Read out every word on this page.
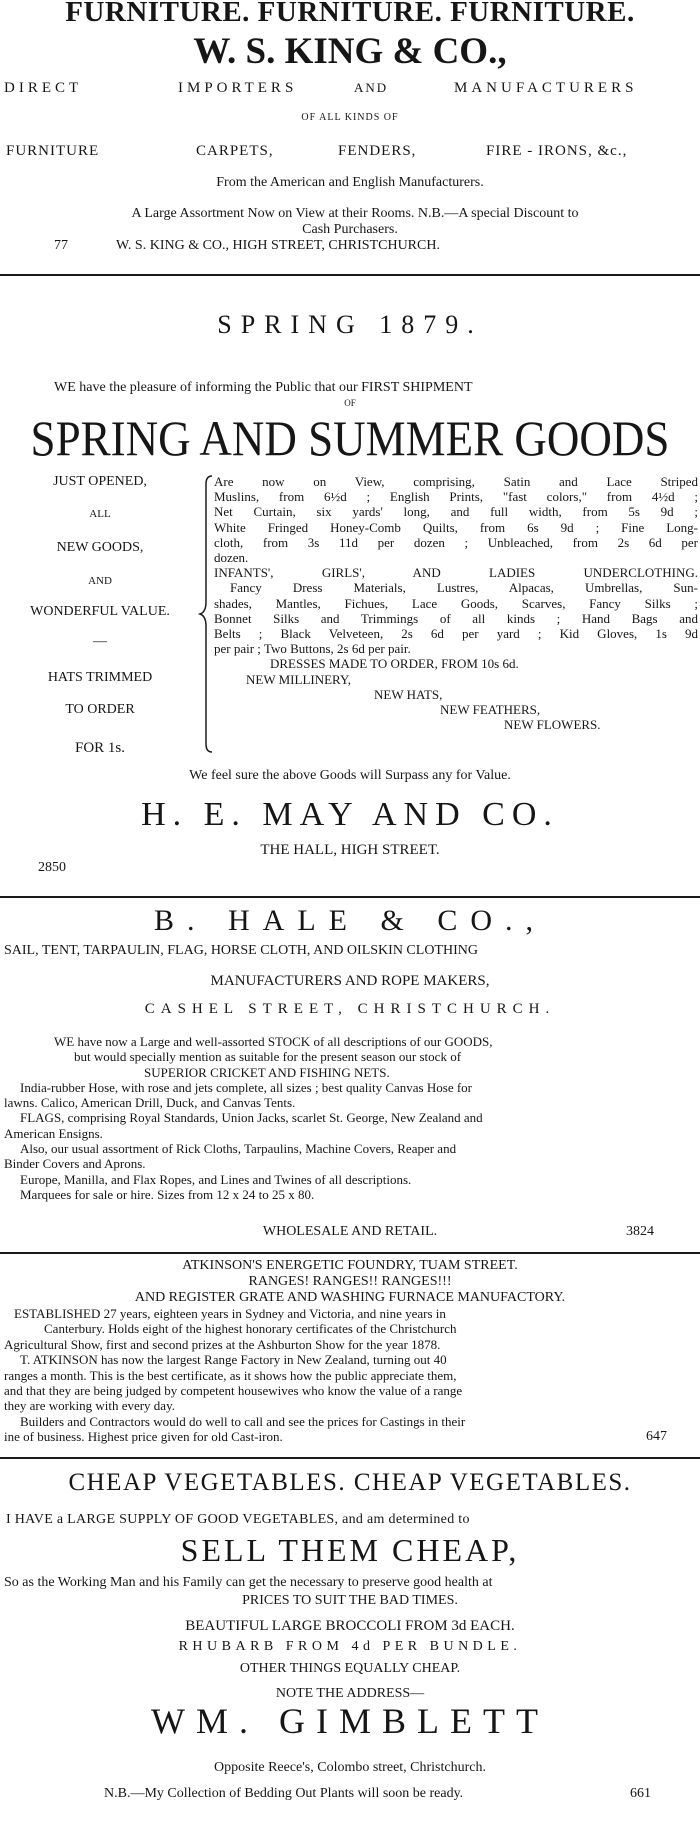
FURNITURE. FURNITURE. FURNITURE.
W. S. KING & CO.,
DIRECT	IMPORTERS	AND	MANUFACTURERS
OF ALL KINDS OF
FURNITURE	CARPETS,	FENDERS,	FIRE - IRONS, &c.,
From the American and English Manufacturers.
A Large Assortment Now on View at their Rooms. N.B.—A special Discount to
Cash Purchasers.
77	W. S. KING & CO., HIGH STREET, CHRISTCHURCH.
SPRING 1879.
WE have the pleasure of informing the Public that our FIRST SHIPMENT
OF
SPRING AND SUMMER GOODS
JUST OPENED,
ALL
NEW GOODS,
AND
WONDERFUL VALUE.
—
HATS TRIMMED
TO ORDER
FOR 1s.
Are now on View, comprising, Satin and Lace Striped
Muslins, from 6½d ; English Prints, "fast colors," from 4½d ;
Net Curtain, six yards' long, and full width, from 5s 9d ;
White Fringed Honey-Comb Quilts, from 6s 9d ; Fine Long-
cloth, from 3s 11d per dozen ; Unbleached, from 2s 6d per
dozen.
INFANTS', GIRLS', AND LADIES UNDERCLOTHING.
Fancy Dress Materials, Lustres, Alpacas, Umbrellas, Sun-
shades, Mantles, Fichues, Lace Goods, Scarves, Fancy Silks ;
Bonnet Silks and Trimmings of all kinds ; Hand Bags and
Belts ; Black Velveteen, 2s 6d per yard ; Kid Gloves, 1s 9d
per pair ; Two Buttons, 2s 6d per pair.
DRESSES MADE TO ORDER, FROM 10s 6d.
NEW MILLINERY,
NEW HATS,
NEW FEATHERS,
NEW FLOWERS.
We feel sure the above Goods will Surpass any for Value.
H. E. MAY AND CO.
THE HALL, HIGH STREET.
2850
B. HALE & CO.,
SAIL, TENT, TARPAULIN, FLAG, HORSE CLOTH, AND OILSKIN CLOTHING
MANUFACTURERS AND ROPE MAKERS,
CASHEL STREET, CHRISTCHURCH.
WE have now a Large and well-assorted STOCK of all descriptions of our GOODS,
but would specially mention as suitable for the present season our stock of
SUPERIOR CRICKET AND FISHING NETS.
India-rubber Hose, with rose and jets complete, all sizes ; best quality Canvas Hose for
lawns. Calico, American Drill, Duck, and Canvas Tents.
FLAGS, comprising Royal Standards, Union Jacks, scarlet St. George, New Zealand and
American Ensigns.
Also, our usual assortment of Rick Cloths, Tarpaulins, Machine Covers, Reaper and
Binder Covers and Aprons.
Europe, Manilla, and Flax Ropes, and Lines and Twines of all descriptions.
Marquees for sale or hire. Sizes from 12 x 24 to 25 x 80.
WHOLESALE AND RETAIL.	3824
ATKINSON'S ENERGETIC FOUNDRY, TUAM STREET.
RANGES! RANGES!! RANGES!!!
AND REGISTER GRATE AND WASHING FURNACE MANUFACTORY.
ESTABLISHED 27 years, eighteen years in Sydney and Victoria, and nine years in
Canterbury. Holds eight of the highest honorary certificates of the Christchurch
Agricultural Show, first and second prizes at the Ashburton Show for the year 1878.
T. ATKINSON has now the largest Range Factory in New Zealand, turning out 40
ranges a month. This is the best certificate, as it shows how the public appreciate them,
and that they are being judged by competent housewives who know the value of a range
they are working with every day.
Builders and Contractors would do well to call and see the prices for Castings in their
ine of business. Highest price given for old Cast-iron.	647
CHEAP VEGETABLES. CHEAP VEGETABLES.
I HAVE a LARGE SUPPLY OF GOOD VEGETABLES, and am determined to
SELL THEM CHEAP,
So as the Working Man and his Family can get the necessary to preserve good health at
PRICES TO SUIT THE BAD TIMES.
BEAUTIFUL LARGE BROCCOLI FROM 3d EACH.
RHUBARB FROM 4d PER BUNDLE.
OTHER THINGS EQUALLY CHEAP.
NOTE THE ADDRESS—
WM. GIMBLETT
Opposite Reece's, Colombo street, Christchurch.
N.B.—My Collection of Bedding Out Plants will soon be ready.	661
